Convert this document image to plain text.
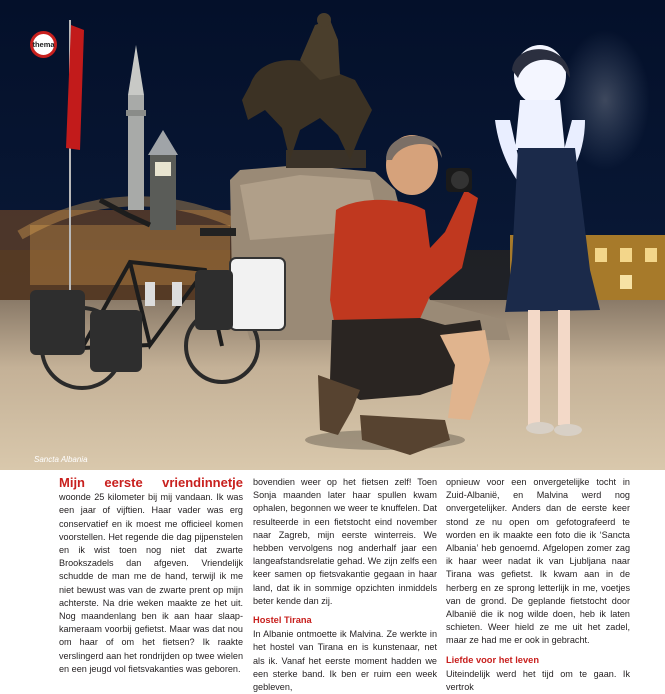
thema
Sancta Albania

Mijn eerste vriendinnetje woonde 25 kilometer bij mij vandaan. Ik was een jaar of vijftien. Haar vader was erg conservatief en ik moest me officieel komen voorstellen. Het regende die dag pijpenstelen en ik wist toen nog niet dat zwarte Brookszadels dan afgeven. Vriendelijk schudde de man me de hand, terwijl ik me niet bewust was van de zwarte prent op mijn achterste. Na drie weken maakte ze het uit. Nog maandenlang ben ik aan haar slaapkameraam voorbij gefietst. Maar was dat nou om haar of om het fietsen? Ik raakte verslingerd aan het rondrijden op twee wielen en een jeugd vol fietsvakanties was geboren.

bovendien weer op het fietsen zelf! Toen Sonja maanden later haar spullen kwam ophalen, begonnen we weer te knuffelen. Dat resulteerde in een fietstocht eind november naar Zagreb, mijn eerste winterreis. We hebben vervolgens nog anderhalf jaar een langeafstandsrelatie gehad. We zijn zelfs een keer samen op fietsvakantie gegaan in haar land, dat ik in sommige opzichten inmiddels beter kende dan zij.

Hostel Tirana

In Albanie ontmoette ik Malvina. Ze werkte in het hostel van Tirana en is kunstenaar, net als ik. Vanaf het eerste moment hadden we een sterke band. Ik ben er ruim een week gebleven,

opnieuw voor een onvergetelijke tocht in Zuid-Albanië, en Malvina werd nog onvergetelijker. Anders dan de eerste keer stond ze nu open om gefotografeerd te worden en ik maakte een foto die ik ‘Sancta Albania’ heb genoemd. Afgelopen zomer zag ik haar weer nadat ik van Ljubljana naar Tirana was gefietst. Ik kwam aan in de herberg en ze sprong letterlijk in me, voetjes van de grond. De geplande fietstocht door Albanië die ik nog wilde doen, heb ik laten schieten. Weer hield ze me uit het zadel, maar ze had me er ook in gebracht.

Liefde voor het leven

Uiteindelijk werd het tijd om te gaan. Ik vertrok
